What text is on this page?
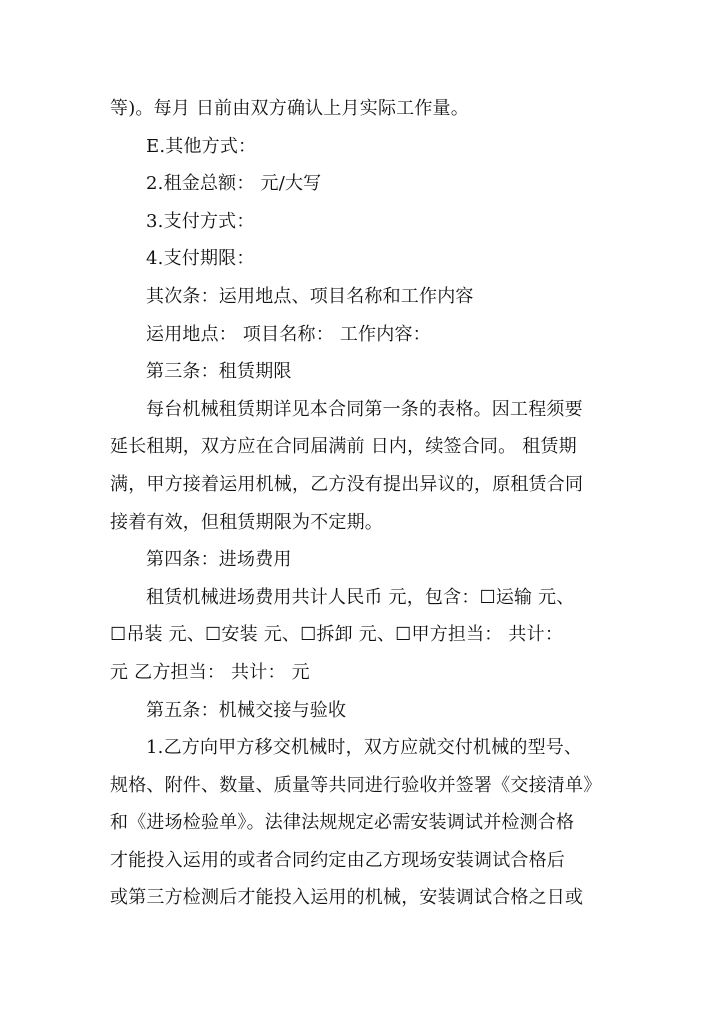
等)。每月 日前由双方确认上月实际工作量。
E.其他方式：
2.租金总额： 元/大写
3.支付方式：
4.支付期限：
其次条：运用地点、项目名称和工作内容
运用地点： 项目名称： 工作内容：
第三条：租赁期限
每台机械租赁期详见本合同第一条的表格。因工程须要
延长租期，双方应在合同届满前 日内，续签合同。 租赁期
满，甲方接着运用机械，乙方没有提出异议的，原租赁合同
接着有效，但租赁期限为不定期。
第四条：进场费用
租赁机械进场费用共计人民币 元，包含：☐运输 元、
☐吊装 元、☐安装 元、☐拆卸 元、☐甲方担当： 共计：
元 乙方担当： 共计： 元
第五条：机械交接与验收
1.乙方向甲方移交机械时，双方应就交付机械的型号、
规格、附件、数量、质量等共同进行验收并签署《交接清单》
和《进场检验单》。法律法规规定必需安装调试并检测合格
才能投入运用的或者合同约定由乙方现场安装调试合格后
或第三方检测后才能投入运用的机械，安装调试合格之日或
